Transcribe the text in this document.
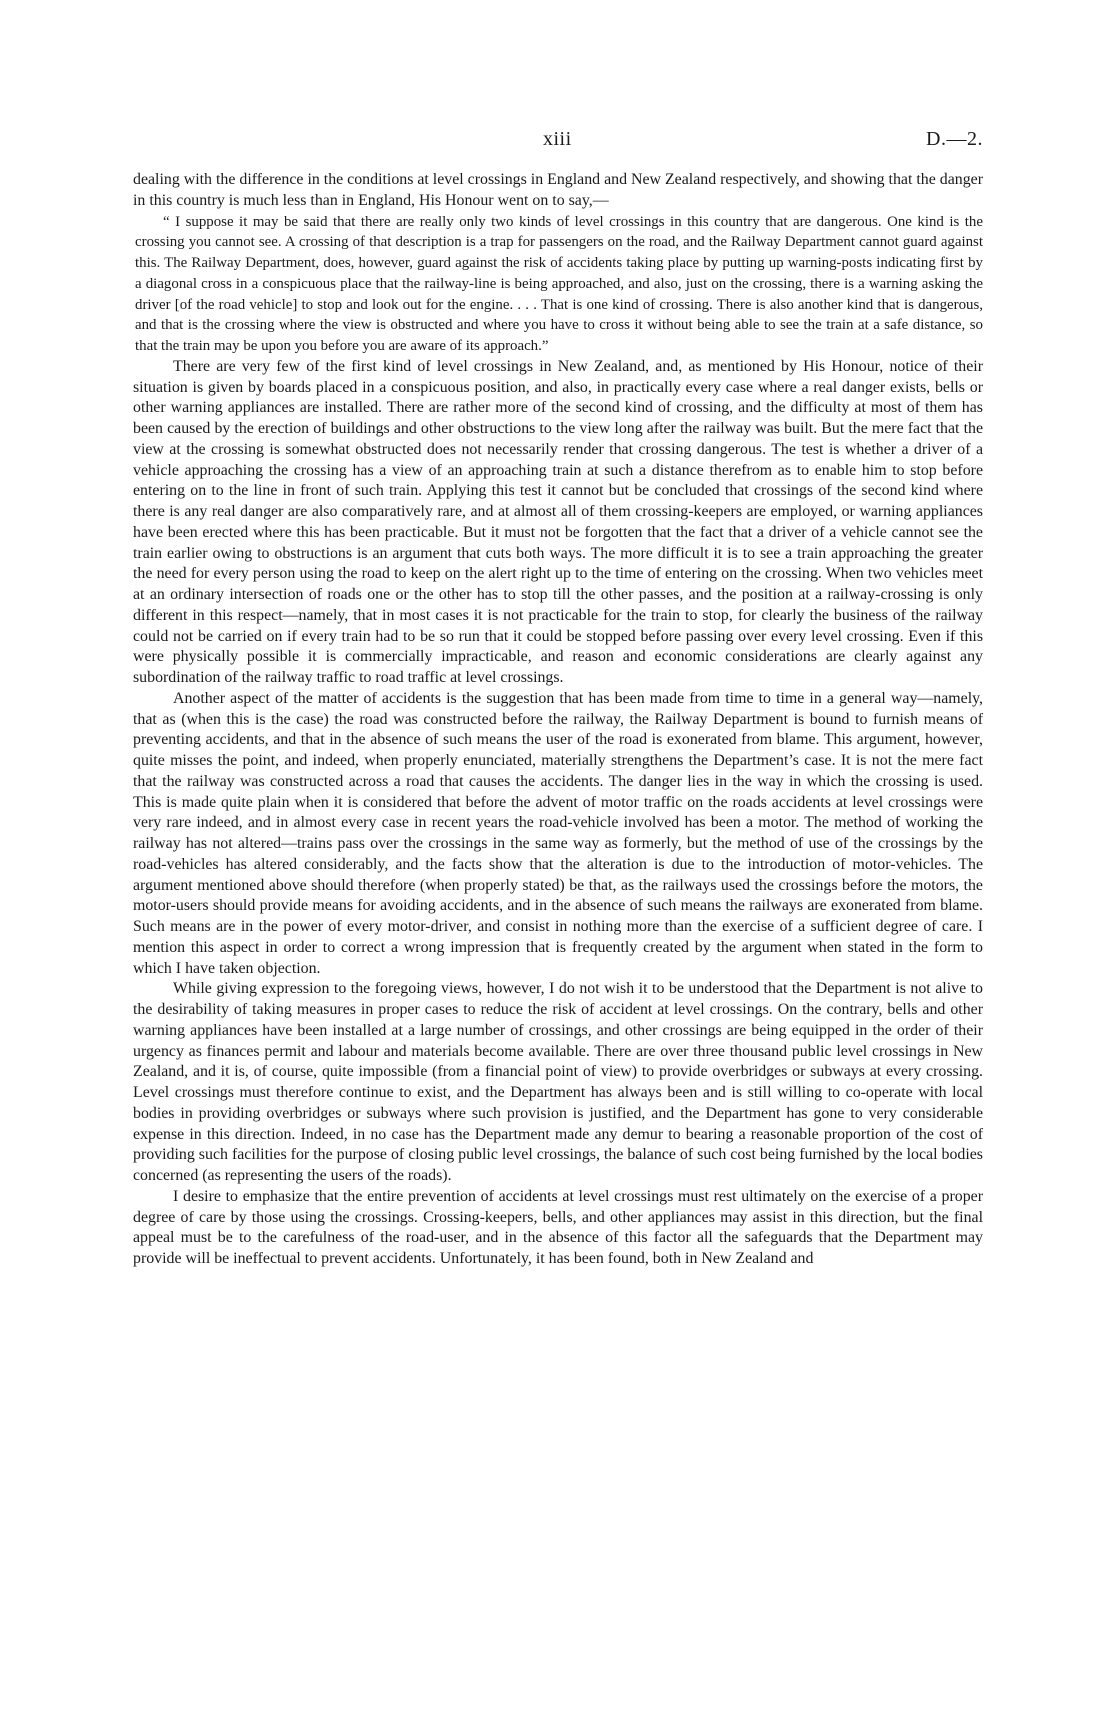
xiii	D.—2.

dealing with the difference in the conditions at level crossings in England and New Zealand respectively, and showing that the danger in this country is much less than in England, His Honour went on to say,—

“ I suppose it may be said that there are really only two kinds of level crossings in this country that are dangerous. One kind is the crossing you cannot see. A crossing of that description is a trap for passengers on the road, and the Railway Department cannot guard against this. The Railway Department, does, however, guard against the risk of accidents taking place by putting up warning-posts indicating first by a diagonal cross in a conspicuous place that the railway-line is being approached, and also, just on the crossing, there is a warning asking the driver [of the road vehicle] to stop and look out for the engine. . . . That is one kind of crossing. There is also another kind that is dangerous, and that is the crossing where the view is obstructed and where you have to cross it without being able to see the train at a safe distance, so that the train may be upon you before you are aware of its approach.”

There are very few of the first kind of level crossings in New Zealand, and, as mentioned by His Honour, notice of their situation is given by boards placed in a conspicuous position, and also, in practically every case where a real danger exists, bells or other warning appliances are installed. There are rather more of the second kind of crossing, and the difficulty at most of them has been caused by the erection of buildings and other obstructions to the view long after the railway was built. But the mere fact that the view at the crossing is somewhat obstructed does not necessarily render that crossing dangerous. The test is whether a driver of a vehicle approaching the crossing has a view of an approaching train at such a distance therefrom as to enable him to stop before entering on to the line in front of such train. Applying this test it cannot but be concluded that crossings of the second kind where there is any real danger are also comparatively rare, and at almost all of them crossing-keepers are employed, or warning appliances have been erected where this has been practicable. But it must not be forgotten that the fact that a driver of a vehicle cannot see the train earlier owing to obstructions is an argument that cuts both ways. The more difficult it is to see a train approaching the greater the need for every person using the road to keep on the alert right up to the time of entering on the crossing. When two vehicles meet at an ordinary intersection of roads one or the other has to stop till the other passes, and the position at a railway-crossing is only different in this respect—namely, that in most cases it is not practicable for the train to stop, for clearly the business of the railway could not be carried on if every train had to be so run that it could be stopped before passing over every level crossing. Even if this were physically possible it is commercially impracticable, and reason and economic considerations are clearly against any subordination of the railway traffic to road traffic at level crossings.

Another aspect of the matter of accidents is the suggestion that has been made from time to time in a general way—namely, that as (when this is the case) the road was constructed before the railway, the Railway Department is bound to furnish means of preventing accidents, and that in the absence of such means the user of the road is exonerated from blame. This argument, however, quite misses the point, and indeed, when properly enunciated, materially strengthens the Department’s case. It is not the mere fact that the railway was constructed across a road that causes the accidents. The danger lies in the way in which the crossing is used. This is made quite plain when it is considered that before the advent of motor traffic on the roads accidents at level crossings were very rare indeed, and in almost every case in recent years the road-vehicle involved has been a motor. The method of working the railway has not altered—trains pass over the crossings in the same way as formerly, but the method of use of the crossings by the road-vehicles has altered considerably, and the facts show that the alteration is due to the introduction of motor-vehicles. The argument mentioned above should therefore (when properly stated) be that, as the railways used the crossings before the motors, the motor-users should provide means for avoiding accidents, and in the absence of such means the railways are exonerated from blame. Such means are in the power of every motor-driver, and consist in nothing more than the exercise of a sufficient degree of care. I mention this aspect in order to correct a wrong impression that is frequently created by the argument when stated in the form to which I have taken objection.

While giving expression to the foregoing views, however, I do not wish it to be understood that the Department is not alive to the desirability of taking measures in proper cases to reduce the risk of accident at level crossings. On the contrary, bells and other warning appliances have been installed at a large number of crossings, and other crossings are being equipped in the order of their urgency as finances permit and labour and materials become available. There are over three thousand public level crossings in New Zealand, and it is, of course, quite impossible (from a financial point of view) to provide overbridges or subways at every crossing. Level crossings must therefore continue to exist, and the Department has always been and is still willing to co-operate with local bodies in providing overbridges or subways where such provision is justified, and the Department has gone to very considerable expense in this direction. Indeed, in no case has the Department made any demur to bearing a reasonable proportion of the cost of providing such facilities for the purpose of closing public level crossings, the balance of such cost being furnished by the local bodies concerned (as representing the users of the roads).

I desire to emphasize that the entire prevention of accidents at level crossings must rest ultimately on the exercise of a proper degree of care by those using the crossings. Crossing-keepers, bells, and other appliances may assist in this direction, but the final appeal must be to the carefulness of the road-user, and in the absence of this factor all the safeguards that the Department may provide will be ineffectual to prevent accidents. Unfortunately, it has been found, both in New Zealand and
